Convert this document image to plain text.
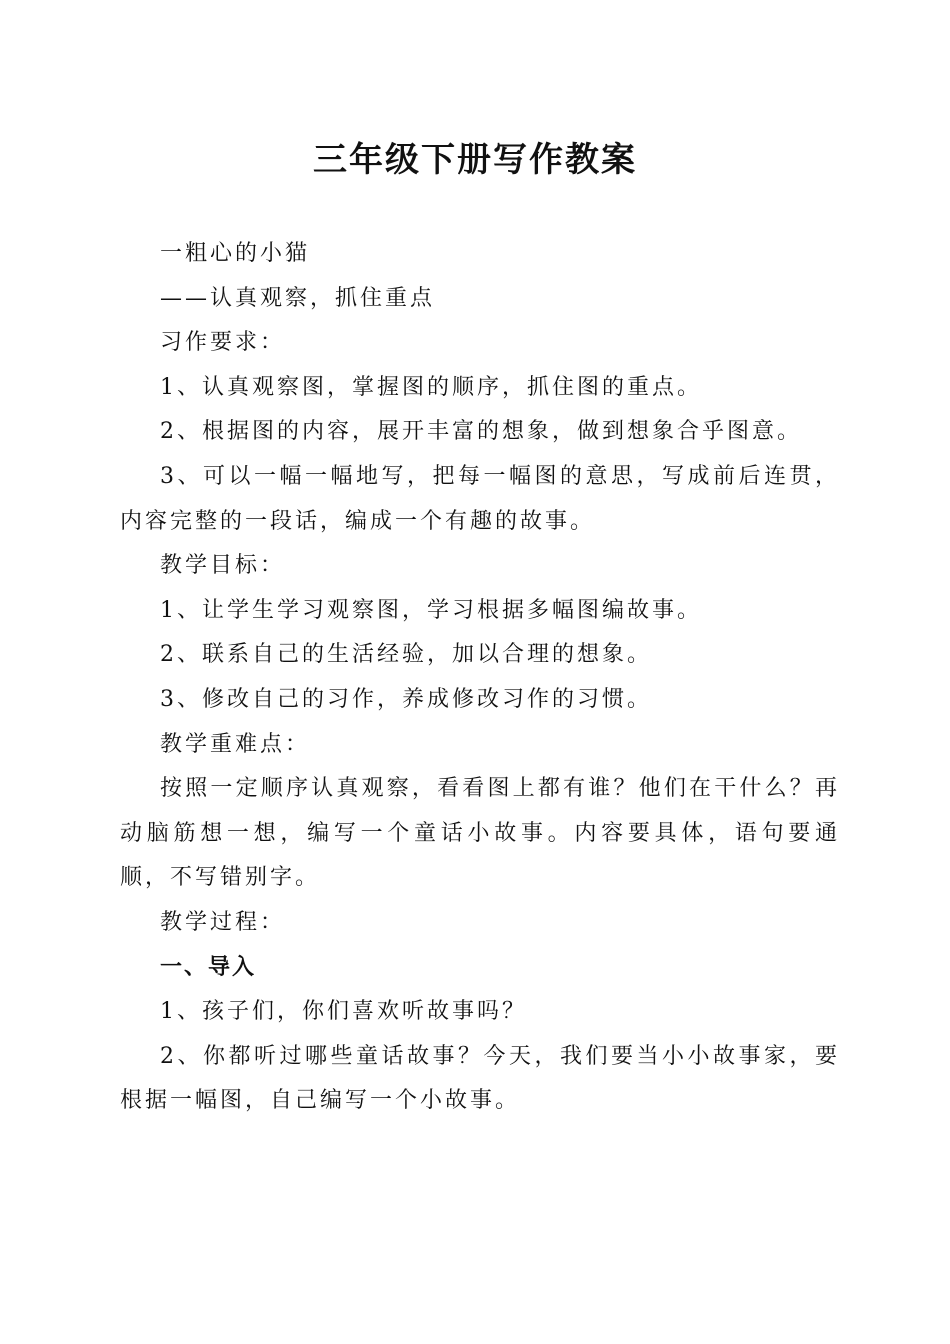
三年级下册写作教案

一粗心的小猫

——认真观察，抓住重点

习作要求：

1、认真观察图，掌握图的顺序，抓住图的重点。

2、根据图的内容，展开丰富的想象，做到想象合乎图意。

3、可以一幅一幅地写，把每一幅图的意思，写成前后连贯，内容完整的一段话，编成一个有趣的故事。

教学目标：

1、让学生学习观察图，学习根据多幅图编故事。

2、联系自己的生活经验，加以合理的想象。

3、修改自己的习作，养成修改习作的习惯。

教学重难点：

按照一定顺序认真观察，看看图上都有谁？他们在干什么？再动脑筋想一想，编写一个童话小故事。内容要具体，语句要通顺，不写错别字。

教学过程：

一、导入

1、孩子们，你们喜欢听故事吗？

2、你都听过哪些童话故事？今天，我们要当小小故事家，要根据一幅图，自己编写一个小故事。
